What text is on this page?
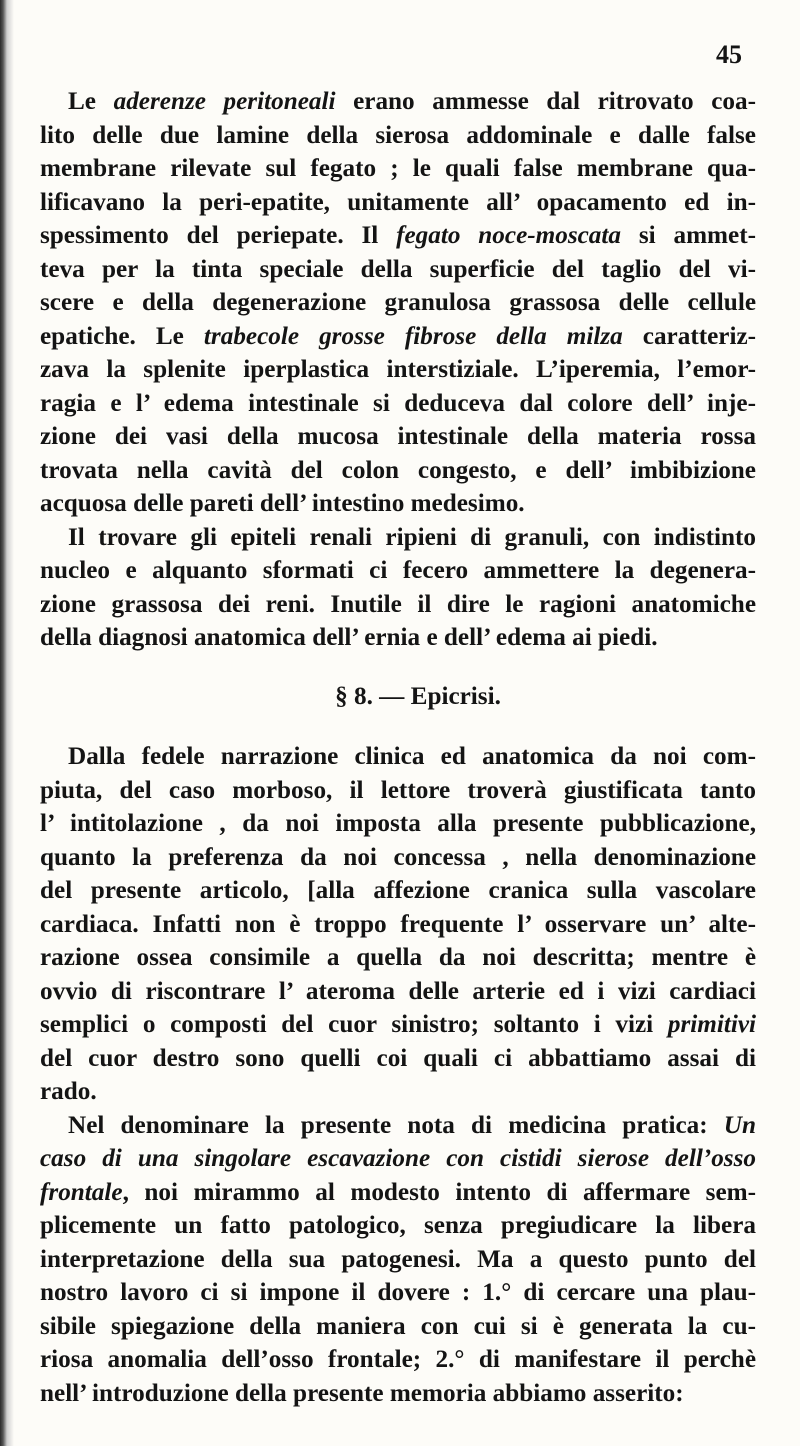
45
Le aderenze peritoneali erano ammesse dal ritrovato coa-
lito delle due lamine della sierosa addominale e dalle false
membrane rilevate sul fegato ; le quali false membrane qua-
lificavano la peri-epatite, unitamente all’ opacamento ed in-
spessimento del periepate. Il fegato noce-moscata si ammet-
teva per la tinta speciale della superficie del taglio del vi-
scere e della degenerazione granulosa grassosa delle cellule
epatiche. Le trabecole grosse fibrose della milza caratteriz-
zava la splenite iperplastica interstiziale. L’iperemia, l’emor-
ragia e l’ edema intestinale si deduceva dal colore dell’ inje-
zione dei vasi della mucosa intestinale della materia rossa
trovata nella cavità del colon congesto, e dell’ imbibizione
acquosa delle pareti dell’ intestino medesimo.
Il trovare gli epiteli renali ripieni di granuli, con indistinto
nucleo e alquanto sformati ci fecero ammettere la degenera-
zione grassosa dei reni. Inutile il dire le ragioni anatomiche
della diagnosi anatomica dell’ ernia e dell’ edema ai piedi.
§ 8. — Epicrisi.
Dalla fedele narrazione clinica ed anatomica da noi com-
piuta, del caso morboso, il lettore troverà giustificata tanto
l’ intitolazione , da noi imposta alla presente pubblicazione,
quanto la preferenza da noi concessa , nella denominazione
del presente articolo, [alla affezione cranica sulla vascolare
cardiaca. Infatti non è troppo frequente l’ osservare un’ alte-
razione ossea consimile a quella da noi descritta; mentre è
ovvio di riscontrare l’ ateroma delle arterie ed i vizi cardiaci
semplici o composti del cuor sinistro; soltanto i vizi primitivi
del cuor destro sono quelli coi quali ci abbattiamo assai di
rado.
Nel denominare la presente nota di medicina pratica: Un
caso di una singolare escavazione con cistidi sierose dell’osso
frontale, noi mirammo al modesto intento di affermare sem-
plicemente un fatto patologico, senza pregiudicare la libera
interpretazione della sua patogenesi. Ma a questo punto del
nostro lavoro ci si impone il dovere : 1.° di cercare una plau-
sibile spiegazione della maniera con cui si è generata la cu-
riosa anomalia dell’osso frontale; 2.° di manifestare il perchè
nell’ introduzione della presente memoria abbiamo asserito:
